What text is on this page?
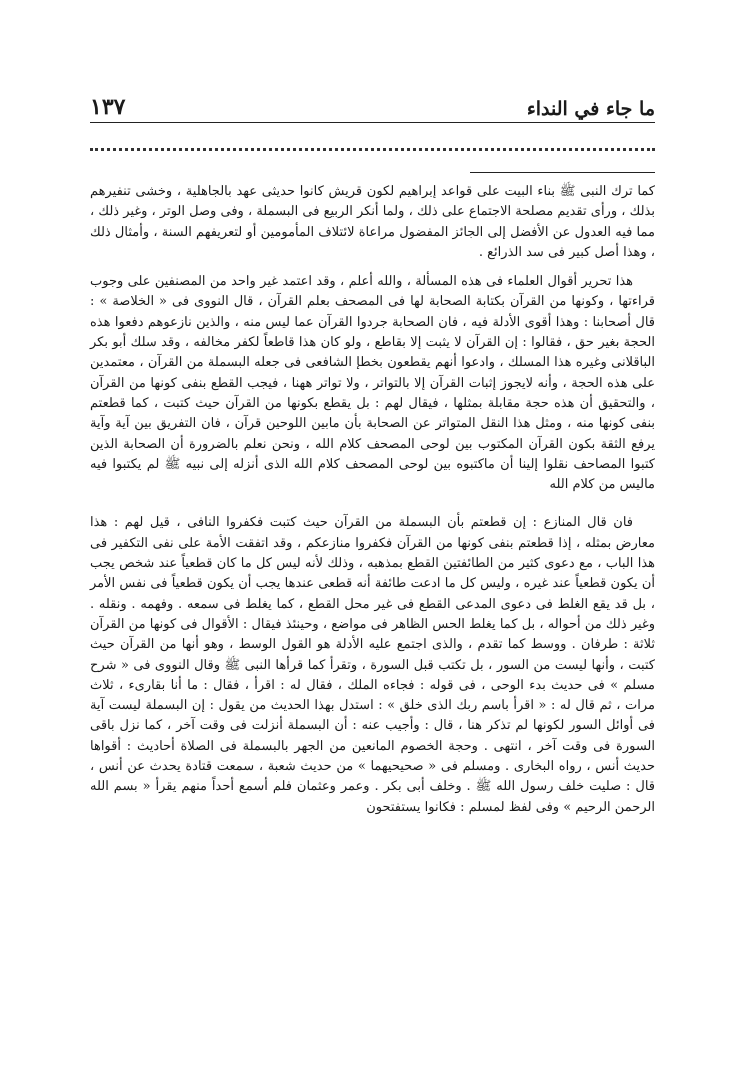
ما جاء في النداء
١٣٧

كما ترك النبى ﷺ بناء البيت على قواعد إبراهيم لكون قريش كانوا حديثى عهد بالجاهلية ، وخشى تنفيرهم بذلك ، ورأى تقديم مصلحة الاجتماع على ذلك ، ولما أنكر الربيع فى البسملة ، وفى وصل الوتر ، وغير ذلك ، مما فيه العدول عن الأفضل إلى الجائز المفضول مراعاة لائتلاف المأمومين أو لتعريفهم السنة ، وأمثال ذلك ، وهذا أصل كبير فى سد الذرائع .

هذا تحرير أقوال العلماء فى هذه المسألة ، والله أعلم ، وقد اعتمد غير واحد من المصنفين على وجوب قراءتها ، وكونها من القرآن بكتابة الصحابة لها فى المصحف بعلم القرآن ، قال النووى فى « الخلاصة » : قال أصحابنا : وهذا أقوى الأدلة فيه ، فان الصحابة جردوا القرآن عما ليس منه ، والذين نازعوهم دفعوا هذه الحجة بغير حق ، فقالوا : إن القرآن لا يثبت إلا بقاطع ، ولو كان هذا قاطعاً لكفر مخالفه ، وقد سلك أبو بكر الباقلانى وغيره هذا المسلك ، وادعوا أنهم يقطعون بخطإ الشافعى فى جعله البسملة من القرآن ، معتمدين على هذه الحجة ، وأنه لايجوز إثبات القرآن إلا بالتواتر ، ولا تواتر ههنا ، فيجب القطع بنفى كونها من القرآن ، والتحقيق أن هذه حجة مقابلة بمثلها ، فيقال لهم : بل يقطع بكونها من القرآن حيث كتبت ، كما قطعتم بنفى كونها منه ، ومثل هذا النقل المتواتر عن الصحابة بأن مابين اللوحين قرآن ، فان التفريق بين آية وآية يرفع الثقة بكون القرآن المكتوب بين لوحى المصحف كلام الله ، ونحن نعلم بالضرورة أن الصحابة الذين كتبوا المصاحف نقلوا إلينا أن ماكتبوه بين لوحى المصحف كلام الله الذى أنزله إلى نبيه ﷺ لم يكتبوا فيه ماليس من كلام الله

فان قال المنازع : إن قطعتم بأن البسملة من القرآن حيث كتبت فكفروا النافى ، قيل لهم : هذا معارض بمثله ، إذا قطعتم بنفى كونها من القرآن فكفروا منازعكم ، وقد اتفقت الأمة على نفى التكفير فى هذا الباب ، مع دعوى كثير من الطائفتين القطع بمذهبه ، وذلك لأنه ليس كل ما كان قطعياً عند شخص يجب أن يكون قطعياً عند غيره ، وليس كل ما ادعت طائفة أنه قطعى عندها يجب أن يكون قطعياً فى نفس الأمر ، بل قد يقع الغلط فى دعوى المدعى القطع فى غير محل القطع ، كما يغلط فى سمعه . وفهمه . ونقله . وغير ذلك من أحواله ، بل كما يغلط الحس الظاهر فى مواضع ، وحينئذ فيقال : الأقوال فى كونها من القرآن ثلاثة : طرفان . ووسط كما تقدم ، والذى اجتمع عليه الأدلة هو القول الوسط ، وهو أنها من القرآن حيث كتبت ، وأنها ليست من السور ، بل تكتب قبل السورة ، وتقرأ كما قرأها النبى ﷺ وقال النووى فى « شرح مسلم » فى حديث بدء الوحى ، فى قوله : فجاءه الملك ، فقال له : اقرأ ، فقال : ما أنا بقارىء ، ثلاث مرات ، ثم قال له : « اقرأ باسم ربك الذى خلق » : استدل بهذا الحديث من يقول : إن البسملة ليست آية فى أوائل السور لكونها لم تذكر هنا ، قال : وأجيب عنه : أن البسملة أنزلت فى وقت آخر ، كما نزل باقى السورة فى وقت آخر ، انتهى . وحجة الخصوم المانعين من الجهر بالبسملة فى الصلاة أحاديث : أقواها حديث أنس ، رواه البخارى . ومسلم فى « صحيحيهما » من حديث شعبة ، سمعت قتادة يحدث عن أنس ، قال : صليت خلف رسول الله ﷺ . وخلف أبى بكر . وعمر وعثمان فلم أسمع أحداً منهم يقرأ « بسم الله الرحمن الرحيم » وفى لفظ لمسلم : فكانوا يستفتحون
